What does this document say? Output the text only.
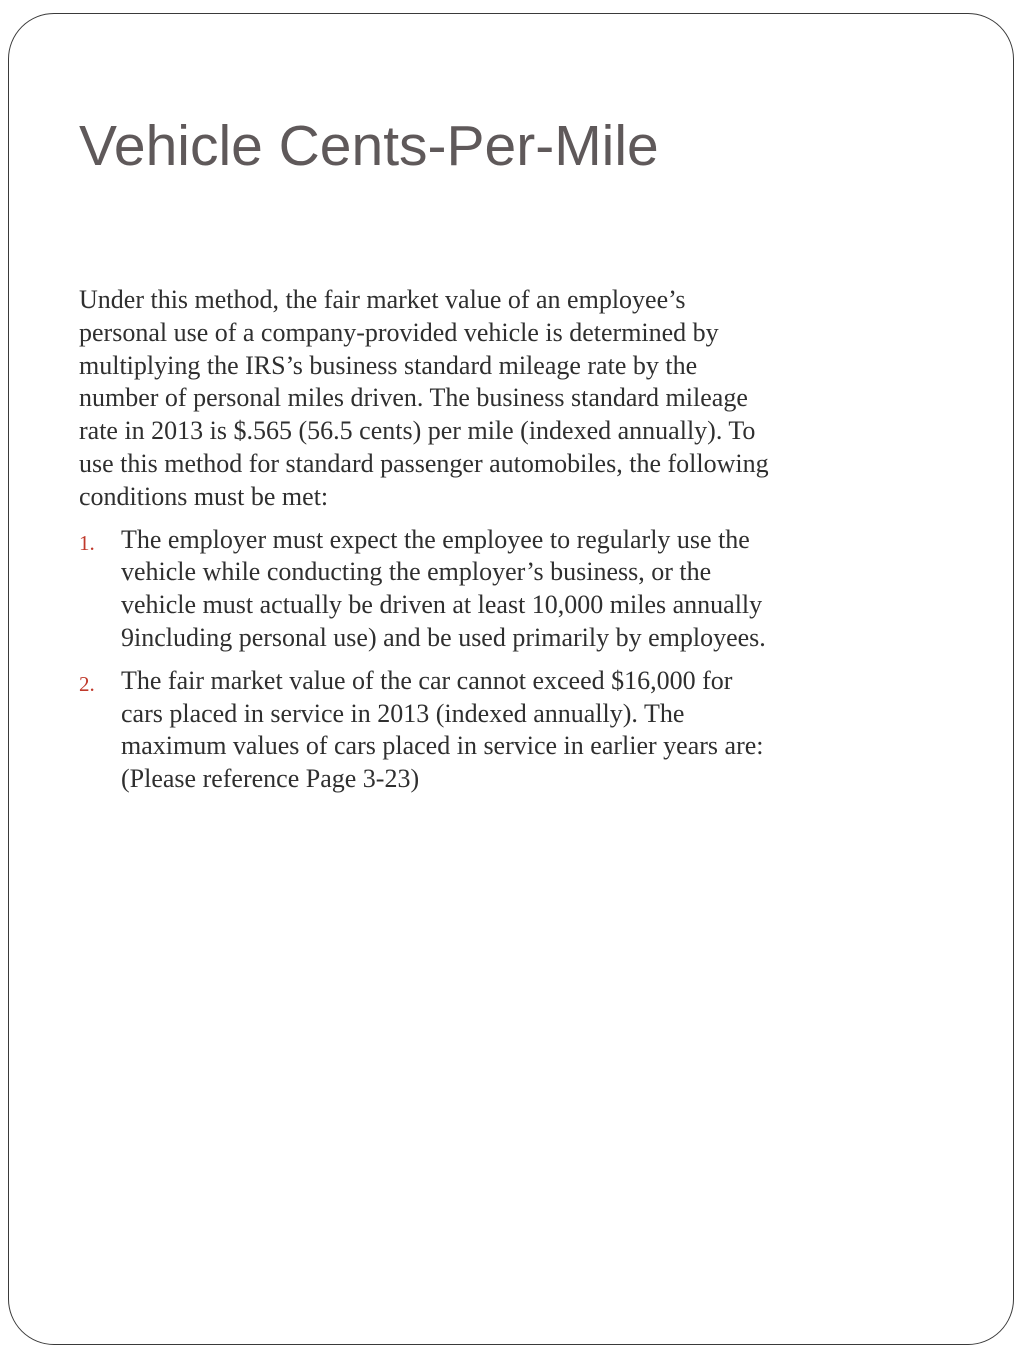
Vehicle Cents-Per-Mile

Under this method, the fair market value of an employee’s personal use of a company-provided vehicle is determined by multiplying the IRS’s business standard mileage rate by the number of personal miles driven. The business standard mileage rate in 2013 is $.565 (56.5 cents) per mile (indexed annually). To use this method for standard passenger automobiles, the following conditions must be met:

1. The employer must expect the employee to regularly use the vehicle while conducting the employer’s business, or the vehicle must actually be driven at least 10,000 miles annually 9including personal use) and be used primarily by employees.
2. The fair market value of the car cannot exceed $16,000 for cars placed in service in 2013 (indexed annually). The maximum values of cars placed in service in earlier years are: (Please reference Page 3-23)
